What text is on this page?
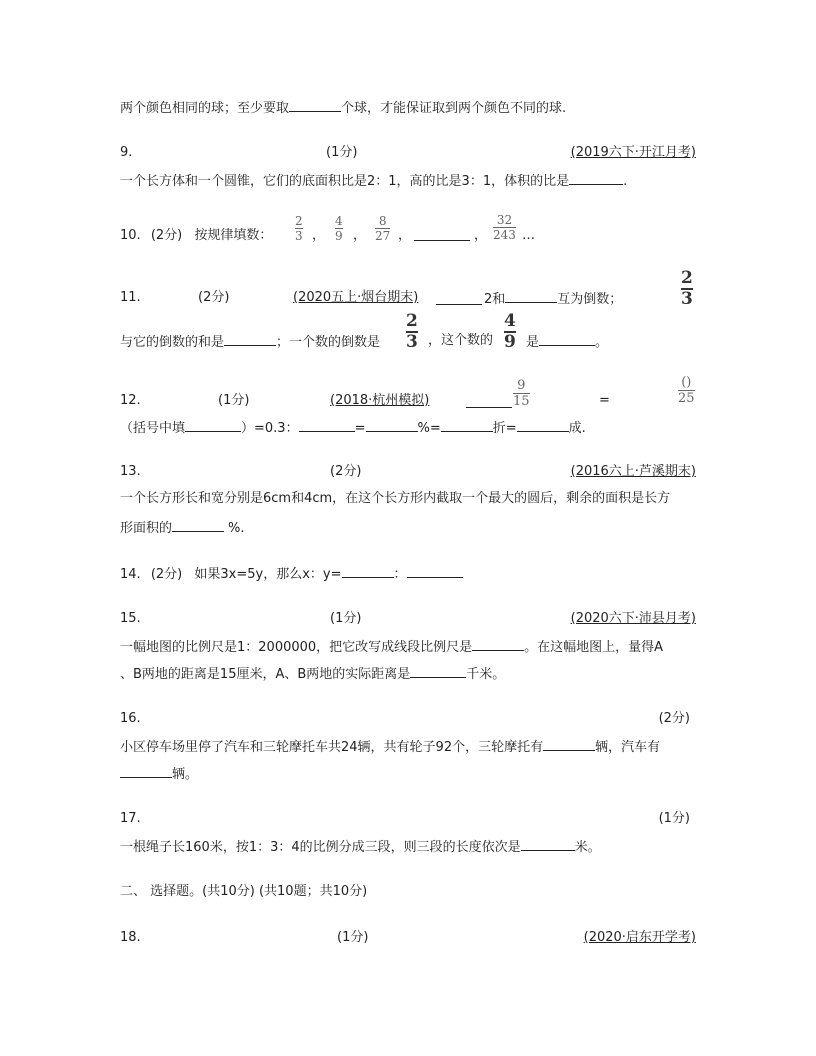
两个颜色相同的球；至少要取	个球，才能保证取到两个颜色不同的球.
9.	(1分)	(2019六下·开江月考)
一个长方体和一个圆锥，它们的底面积比是2：1，高的比是3：1，体积的比是	.
10. (2分) 按规律填数：
2
3 ，
4
9 ，
8
27 ，	，
32
243 …
11.	(2分)	(2020五上·烟台期末)	2和	互为倒数；
2
3
与它的倒数的和是	；一个数的倒数是
2
3 ，这个数的
4
9 是	。
12.	(1分)	(2018·杭州模拟)
9
15	=
()
25
（括号中填	）=0.3：	=	%=	折=	成.
13.	(2分)	(2016六上·芦溪期末)
一个长方形长和宽分别是6cm和4cm，在这个长方形内截取一个最大的圆后，剩余的面积是长方
形面积的	%.
14. (2分) 如果3x=5y，那么x：y=	：
15.	(1分)	(2020六下·沛县月考)
一幅地图的比例尺是1：2000000，把它改写成线段比例尺是	。在这幅地图上，量得A
、B两地的距离是15厘米，A、B两地的实际距离是	千米。
16.	(2分)
小区停车场里停了汽车和三轮摩托车共24辆，共有轮子92个，三轮摩托有	辆，汽车有
辆。
17.	(1分)
一根绳子长160米，按1：3：4的比例分成三段，则三段的长度依次是	米。
二、 选择题。(共10分) (共10题；共10分)
18.	(1分)	(2020·启东开学考)
